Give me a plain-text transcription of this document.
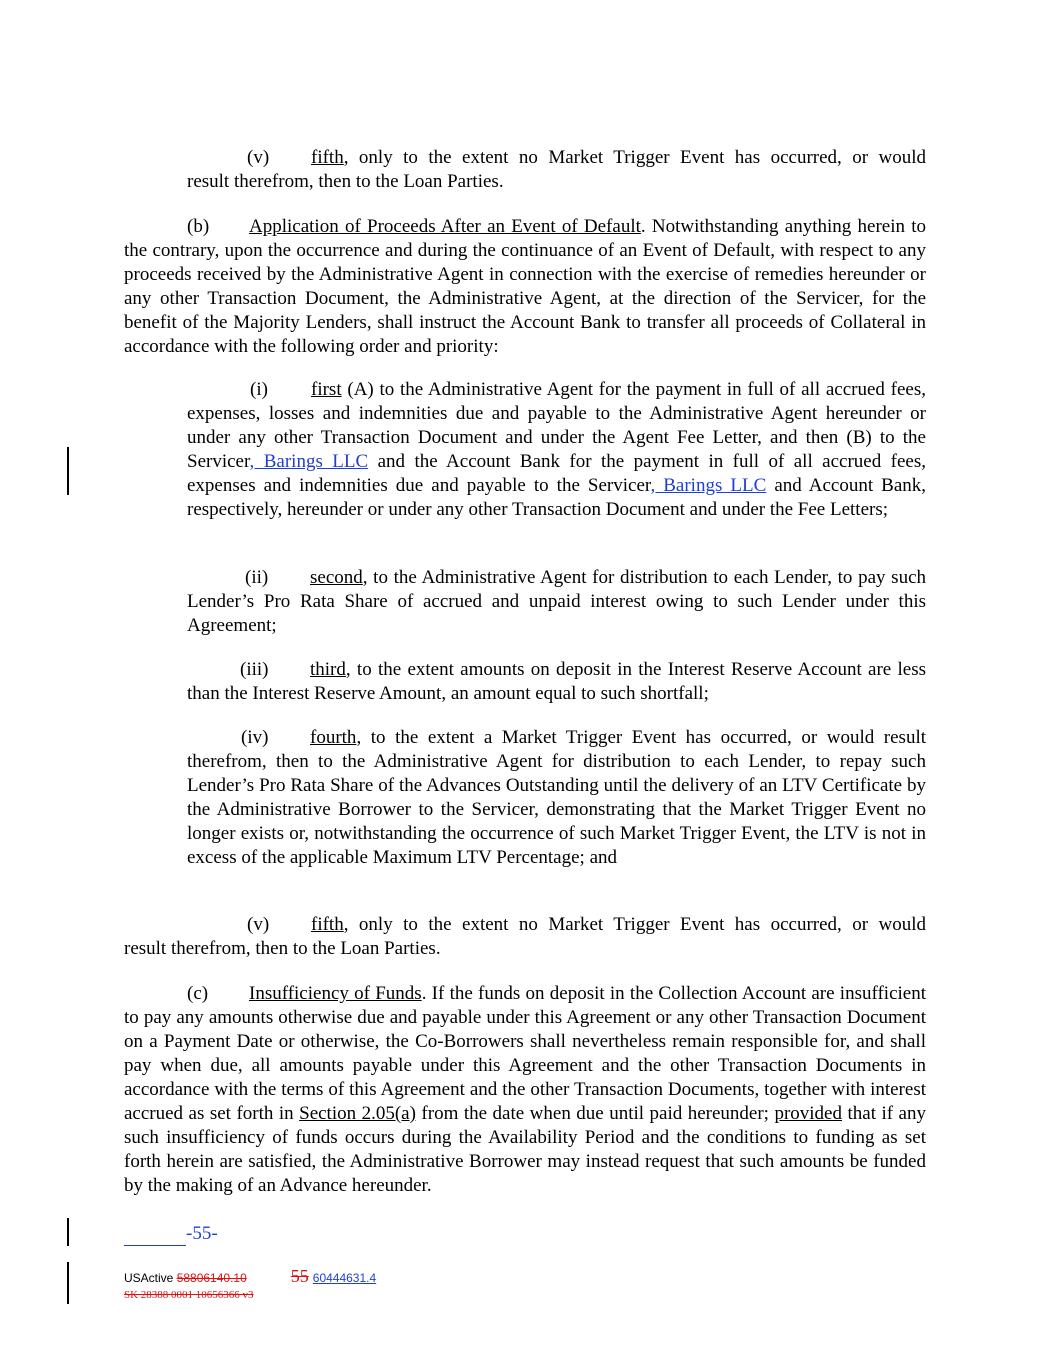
(v)	fifth, only to the extent no Market Trigger Event has occurred, or would
result therefrom, then to the Loan Parties.

(b) Application of Proceeds After an Event of Default. Notwithstanding anything herein to the contrary, upon the occurrence and during the continuance of an Event of Default, with respect to any proceeds received by the Administrative Agent in connection with the exercise of remedies hereunder or any other Transaction Document, the Administrative Agent, at the direction of the Servicer, for the benefit of the Majority Lenders, shall instruct the Account Bank to transfer all proceeds of Collateral in accordance with the following order and priority:

(i) first (A) to the Administrative Agent for the payment in full of all accrued fees, expenses, losses and indemnities due and payable to the Administrative Agent hereunder or under any other Transaction Document and under the Agent Fee Letter, and then (B) to the Servicer, Barings LLC and the Account Bank for the payment in full of all accrued fees, expenses and indemnities due and payable to the Servicer, Barings LLC and Account Bank, respectively, hereunder or under any other Transaction Document and under the Fee Letters;

(ii) second, to the Administrative Agent for distribution to each Lender, to pay such Lender’s Pro Rata Share of accrued and unpaid interest owing to such Lender under this Agreement;

(iii) third, to the extent amounts on deposit in the Interest Reserve Account are less than the Interest Reserve Amount, an amount equal to such shortfall;

(iv) fourth, to the extent a Market Trigger Event has occurred, or would result therefrom, then to the Administrative Agent for distribution to each Lender, to repay such Lender’s Pro Rata Share of the Advances Outstanding until the delivery of an LTV Certificate by the Administrative Borrower to the Servicer, demonstrating that the Market Trigger Event no longer exists or, notwithstanding the occurrence of such Market Trigger Event, the LTV is not in excess of the applicable Maximum LTV Percentage; and

(v)	fifth, only to the extent no Market Trigger Event has occurred, or would
result therefrom, then to the Loan Parties.

(c) Insufficiency of Funds. If the funds on deposit in the Collection Account are insufficient to pay any amounts otherwise due and payable under this Agreement or any other Transaction Document on a Payment Date or otherwise, the Co-Borrowers shall nevertheless remain responsible for, and shall pay when due, all amounts payable under this Agreement and the other Transaction Documents in accordance with the terms of this Agreement and the other Transaction Documents, together with interest accrued as set forth in Section 2.05(a) from the date when due until paid hereunder; provided that if any such insufficiency of funds occurs during the Availability Period and the conditions to funding as set forth herein are satisfied, the Administrative Borrower may instead request that such amounts be funded by the making of an Advance hereunder.

-55-
USActive 58806140.10 55 60444631.4
SK 28388 0001 10656366 v3
